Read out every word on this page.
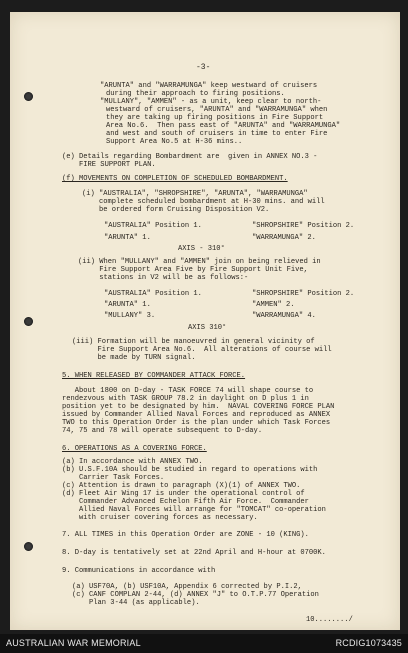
-3-
"ARUNTA" and "WARRAMUNGA" keep westward of cruisers
during their approach to firing positions.
"MULLANY", "AMMEN" - as a unit, keep clear to north-
westward of cruisers, "ARUNTA" and "WARRAMUNGA" when
they are taking up firing positions in Fire Support
Area No.6.  Then pass east of "ARUNTA" and "WARRAMUNGA"
and west and south of cruisers in time to enter Fire
Support Area No.5 at H-36 mins..
(e) Details regarding Bombardment are  given in ANNEX NO.3 -
FIRE SUPPORT PLAN.
(f) MOVEMENTS ON COMPLETION OF SCHEDULED BOMBARDMENT.
(i) "AUSTRALIA", "SHROPSHIRE", "ARUNTA", "WARRAMUNGA"
complete scheduled bombardment at H-30 mins. and will
be ordered form Cruising Disposition V2.
"AUSTRALIA" Position 1.	"SHROPSHIRE" Position 2.
"ARUNTA" 1.	"WARRAMUNGA" 2.
AXIS - 310°
(ii) When "MULLANY" and "AMMEN" join on being relieved in
Fire Support Area Five by Fire Support Unit Five,
stations in V2 will be as follows:-
"AUSTRALIA" Position 1.	"SHROPSHIRE" Position 2.
"ARUNTA" 1.	"AMMEN" 2.
"MULLANY" 3.	"WARRAMUNGA" 4.
AXIS 310°
(iii) Formation will be manoeuvred in general vicinity of
Fire Support Area No.6.  All alterations of course will
be made by TURN signal.
5. WHEN RELEASED BY COMMANDER ATTACK FORCE.
About 1800 on D-day - TASK FORCE 74 will shape course to
rendezvous with TASK GROUP 78.2 in daylight on D plus 1 in
position yet to be designated by him.  NAVAL COVERING FORCE PLAN
issued by Commander Allied Naval Forces and reproduced as ANNEX
TWO to this Operation Order is the plan under which Task Forces
74, 75 and 78 will operate subsequent to D-day.
6. OPERATIONS AS A COVERING FORCE.
(a) In accordance with ANNEX TWO.
(b) U.S.F.10A should be studied in regard to operations with
Carrier Task Forces.
(c) Attention is drawn to paragraph (X)(1) of ANNEX TWO.
(d) Fleet Air Wing 17 is under the operational control of
Commander Advanced Echelon Fifth Air Force.  Commander
Allied Naval Forces will arrange for "TOMCAT" co-operation
with cruiser covering forces as necessary.
7. ALL TIMES in this Operation Order are ZONE - 10 (KING).
8. D-day is tentatively set at 22nd April and H-hour at 0700K.
9. Communications in accordance with
(a) USF70A, (b) USF10A, Appendix 6 corrected by P.I.2,
(c) CANF COMPLAN 2-44, (d) ANNEX "J" to O.T.P.77 Operation
Plan 3-44 (as applicable).
10......../
AUSTRALIAN WAR MEMORIAL	RCDIG1073435
